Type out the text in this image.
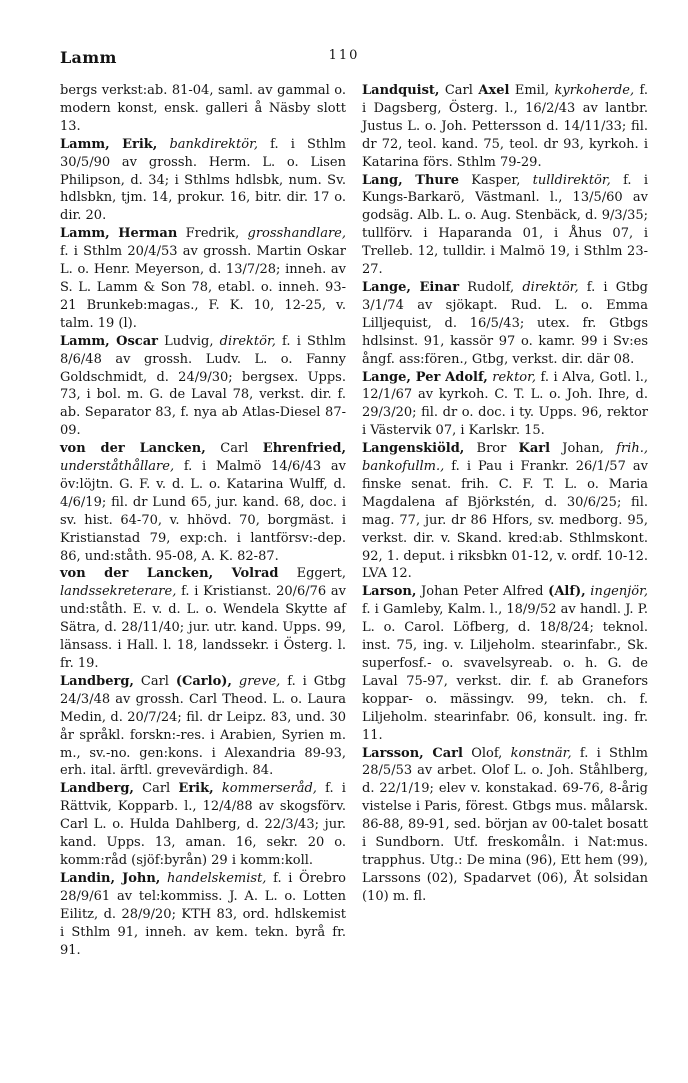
Lamm	110

bergs verkst:ab. 81-04, saml. av gammal o. modern konst, ensk. galleri å Näsby slott 13.

Lamm, Erik, bankdirektör, f. i Sthlm 30/5/90 av grossh. Herm. L. o. Lisen Philipson, d. 34; i Sthlms hdlsbk, num. Sv. hdlsbkn, tjm. 14, prokur. 16, bitr. dir. 17 o. dir. 20.

Lamm, Herman Fredrik, grosshandlare, f. i Sthlm 20/4/53 av grossh. Martin Oskar L. o. Henr. Meyerson, d. 13/7/28; inneh. av S. L. Lamm & Son 78, etabl. o. inneh. 93-21 Brunkeb:magas., F. K. 10, 12-25, v. talm. 19 (l).

Lamm, Oscar Ludvig, direktör, f. i Sthlm 8/6/48 av grossh. Ludv. L. o. Fanny Goldschmidt, d. 24/9/30; bergsex. Upps. 73, i bol. m. G. de Laval 78, verkst. dir. f. ab. Separator 83, f. nya ab Atlas-Diesel 87-09.

von der Lancken, Carl Ehrenfried, underståthållare, f. i Malmö 14/6/43 av öv:löjtn. G. F. v. d. L. o. Katarina Wulff, d. 4/6/19; fil. dr Lund 65, jur. kand. 68, doc. i sv. hist. 64-70, v. hhövd. 70, borgmäst. i Kristianstad 79, exp:ch. i lantförsv:-dep. 86, und:ståth. 95-08, A. K. 82-87.

von der Lancken, Volrad Eggert, landssekreterare, f. i Kristianst. 20/6/76 av und:ståth. E. v. d. L. o. Wendela Skytte af Sätra, d. 28/11/40; jur. utr. kand. Upps. 99, länsass. i Hall. l. 18, landssekr. i Österg. l. fr. 19.

Landberg, Carl (Carlo), greve, f. i Gtbg 24/3/48 av grossh. Carl Theod. L. o. Laura Medin, d. 20/7/24; fil. dr Leipz. 83, und. 30 år språkl. forskn:-res. i Arabien, Syrien m. m., sv.-no. gen:kons. i Alexandria 89-93, erh. ital. ärftl. grevevärdigh. 84.

Landberg, Carl Erik, kommerseråd, f. i Rättvik, Kopparb. l., 12/4/88 av skogsförv. Carl L. o. Hulda Dahlberg, d. 22/3/43; jur. kand. Upps. 13, aman. 16, sekr. 20 o. komm:råd (sjöf:byrån) 29 i komm:koll.

Landin, John, handelskemist, f. i Örebro 28/9/61 av tel:kommiss. J. A. L. o. Lotten Eilitz, d. 28/9/20; KTH 83, ord. hdlskemist i Sthlm 91, inneh. av kem. tekn. byrå fr. 91.

Landquist, Carl Axel Emil, kyrkoherde, f. i Dagsberg, Österg. l., 16/2/43 av lantbr. Justus L. o. Joh. Pettersson d. 14/11/33; fil. dr 72, teol. kand. 75, teol. dr 93, kyrkoh. i Katarina förs. Sthlm 79-29.

Lang, Thure Kasper, tulldirektör, f. i Kungs-Barkarö, Västmanl. l., 13/5/60 av godsäg. Alb. L. o. Aug. Stenbäck, d. 9/3/35; tullförv. i Haparanda 01, i Åhus 07, i Trelleb. 12, tulldir. i Malmö 19, i Sthlm 23-27.

Lange, Einar Rudolf, direktör, f. i Gtbg 3/1/74 av sjökapt. Rud. L. o. Emma Lilljequist, d. 16/5/43; utex. fr. Gtbgs hdlsinst. 91, kassör 97 o. kamr. 99 i Sv:es ångf. ass:fören., Gtbg, verkst. dir. där 08.

Lange, Per Adolf, rektor, f. i Alva, Gotl. l., 12/1/67 av kyrkoh. C. T. L. o. Joh. Ihre, d. 29/3/20; fil. dr o. doc. i ty. Upps. 96, rektor i Västervik 07, i Karlskr. 15.

Langenskiöld, Bror Karl Johan, frih., bankofullm., f. i Pau i Frankr. 26/1/57 av finske senat. frih. C. F. T. L. o. Maria Magdalena af Björkstén, d. 30/6/25; fil. mag. 77, jur. dr 86 Hfors, sv. medborg. 95, verkst. dir. v. Skand. kred:ab. Sthlmskont. 92, 1. deput. i riksbkn 01-12, v. ordf. 10-12. LVA 12.

Larson, Johan Peter Alfred (Alf), ingenjör, f. i Gamleby, Kalm. l., 18/9/52 av handl. J. P. L. o. Carol. Löfberg, d. 18/8/24; teknol. inst. 75, ing. v. Liljeholm. stearinfabr., Sk. superfosf.- o. svavelsyreab. o. h. G. de Laval 75-97, verkst. dir. f. ab Granefors koppar- o. mässingv. 99, tekn. ch. f. Liljeholm. stearinfabr. 06, konsult. ing. fr. 11.

Larsson, Carl Olof, konstnär, f. i Sthlm 28/5/53 av arbet. Olof L. o. Joh. Ståhlberg, d. 22/1/19; elev v. konstakad. 69-76, 8-årig vistelse i Paris, förest. Gtbgs mus. målarsk. 86-88, 89-91, sed. början av 00-talet bosatt i Sundborn. Utf. freskomåln. i Nat:mus. trapphus. Utg.: De mina (96), Ett hem (99), Larssons (02), Spadarvet (06), Åt solsidan (10) m. fl.
